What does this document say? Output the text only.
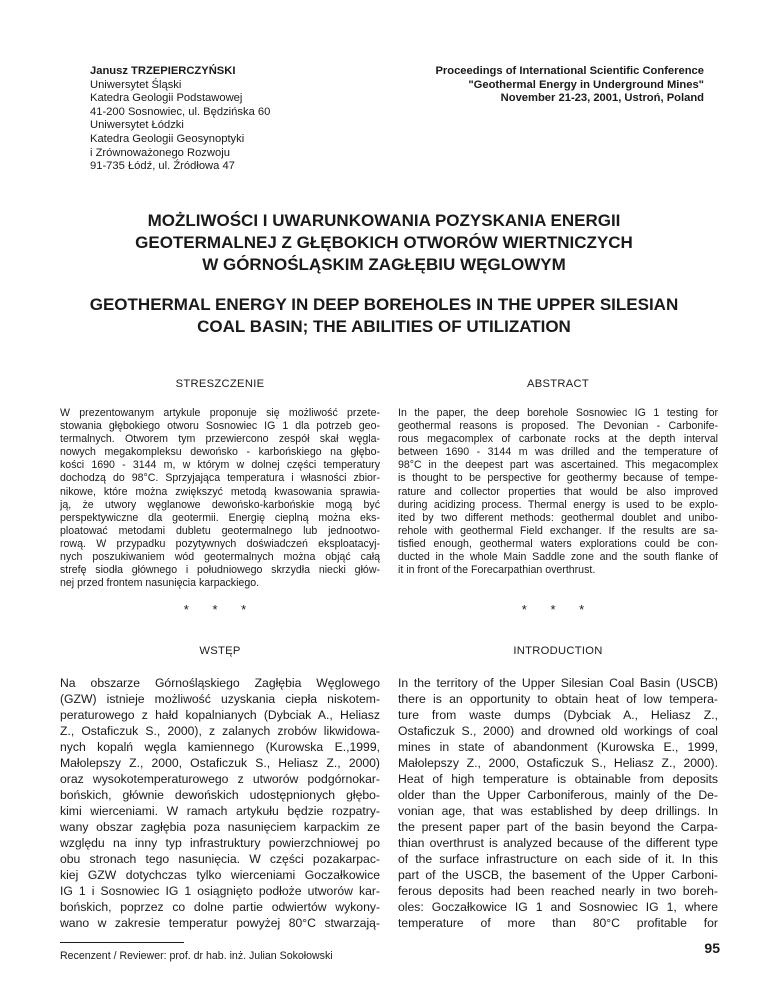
Janusz TRZEPIERCZYŃSKI
Uniwersytet Śląski
Katedra Geologii Podstawowej
41-200 Sosnowiec, ul. Będzińska 60
Uniwersytet Łódzki
Katedra Geologii Geosynoptyki
i Zrównoważonego Rozwoju
91-735 Łódź, ul. Źródłowa 47
Proceedings of International Scientific Conference
"Geothermal Energy in Underground Mines"
November 21-23, 2001, Ustroń, Poland
MOŻLIWOŚCI I UWARUNKOWANIA POZYSKANIA ENERGII
GEOTERMALNEJ Z GŁĘBOKICH OTWORÓW WIERTNICZYCH
W GÓRNOŚLĄSKIM ZAGŁĘBIU WĘGLOWYM
GEOTHERMAL ENERGY IN DEEP BOREHOLES IN THE UPPER SILESIAN
COAL BASIN; THE ABILITIES OF UTILIZATION
STRESZCZENIE	ABSTRACT
W prezentowanym artykule proponuje się możliwość przete-
stowania głębokiego otworu Sosnowiec IG 1 dla potrzeb geo-
termalnych. Otworem tym przewiercono zespół skał węgla-
nowych megakompleksu dewońsko - karbońskiego na głębo-
kości 1690 - 3144 m, w którym w dolnej części temperatury
dochodzą do 98°C. Sprzyjająca temperatura i własności zbior-
nikowe, które można zwiększyć metodą kwasowania sprawia-
ją, że utwory węglanowe dewońsko-karbońskie mogą być
perspektywiczne dla geotermii. Energię cieplną można eks-
ploatować metodami dubletu geotermalnego lub jednootwo-
rową. W przypadku pozytywnych doświadczeń eksploatacyj-
nych poszukiwaniem wód geotermalnych można objąć całą
strefę siodła głównego i południowego skrzydła niecki głów-
nej przed frontem nasunięcia karpackiego.
In the paper, the deep borehole Sosnowiec IG 1 testing for
geothermal reasons is proposed. The Devonian - Carbonife-
rous megacomplex of carbonate rocks at the depth interval
between 1690 - 3144 m was drilled and the temperature of
98°C in the deepest part was ascertained. This megacomplex
is thought to be perspective for geothermy because of tempe-
rature and collector properties that would be also improved
during acidizing process. Thermal energy is used to be explo-
ited by two different methods: geothermal doublet and unibo-
rehole with geothermal Field exchanger. If the results are sa-
tisfied enough, geothermal waters explorations could be con-
ducted in the whole Main Saddle zone and the south flanke of
it in front of the Forecarpathian overthrust.
* * *	* * *
WSTĘP	INTRODUCTION
Na obszarze Górnośląskiego Zagłębia Węglowego
(GZW) istnieje możliwość uzyskania ciepła niskotem-
peraturowego z hałd kopalnianych (Dybciak A., Heliasz
Z., Ostaficzuk S., 2000), z zalanych zrobów likwidowa-
nych kopalń węgla kamiennego (Kurowska E.,1999,
Małolepszy Z., 2000, Ostaficzuk S., Heliasz Z., 2000)
oraz wysokotemperaturowego z utworów podgórnokar-
bońskich, głównie dewońskich udostępnionych głębo-
kimi wierceniami. W ramach artykułu będzie rozpatry-
wany obszar zagłębia poza nasunięciem karpackim ze
względu na inny typ infrastruktury powierzchniowej po
obu stronach tego nasunięcia. W części pozakarpac-
kiej GZW dotychczas tylko wierceniami Goczałkowice
IG 1 i Sosnowiec IG 1 osiągnięto podłoże utworów kar-
bońskich, poprzez co dolne partie odwiertów wykony-
wano w zakresie temperatur powyżej 80°C stwarzają-
In the territory of the Upper Silesian Coal Basin (USCB)
there is an opportunity to obtain heat of low tempera-
ture from waste dumps (Dybciak A., Heliasz Z.,
Ostaficzuk S., 2000) and drowned old workings of coal
mines in state of abandonment (Kurowska E., 1999,
Małolepszy Z., 2000, Ostaficzuk S., Heliasz Z., 2000).
Heat of high temperature is obtainable from deposits
older than the Upper Carboniferous, mainly of the De-
vonian age, that was established by deep drillings. In
the present paper part of the basin beyond the Carpa-
thian overthrust is analyzed because of the different type
of the surface infrastructure on each side of it. In this
part of the USCB, the basement of the Upper Carboni-
ferous deposits had been reached nearly in two boreh-
oles: Goczałkowice IG 1 and Sosnowiec IG 1, where
temperature of more than 80°C profitable for
Recenzent / Reviewer: prof. dr hab. inż. Julian Sokołowski	95
